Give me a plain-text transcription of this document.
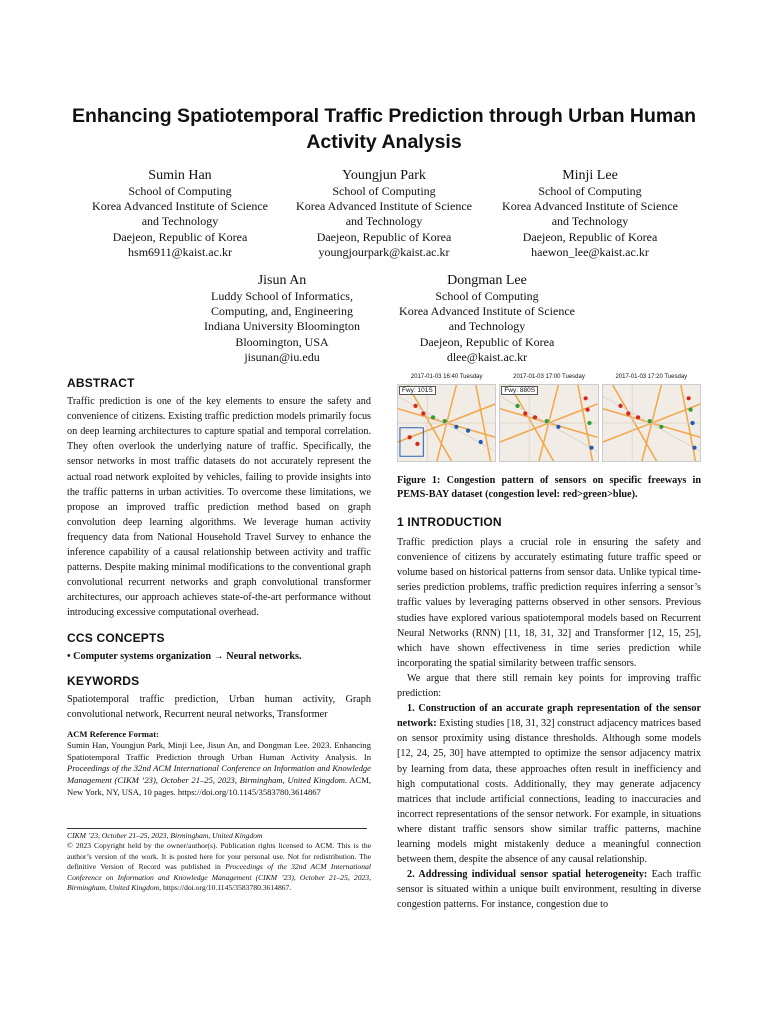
Enhancing Spatiotemporal Traffic Prediction through Urban Human Activity Analysis
Sumin Han
School of Computing
Korea Advanced Institute of Science
and Technology
Daejeon, Republic of Korea
hsm6911@kaist.ac.kr
Youngjun Park
School of Computing
Korea Advanced Institute of Science
and Technology
Daejeon, Republic of Korea
youngjourpark@kaist.ac.kr
Minji Lee
School of Computing
Korea Advanced Institute of Science
and Technology
Daejeon, Republic of Korea
haewon_lee@kaist.ac.kr
Jisun An
Luddy School of Informatics,
Computing, and, Engineering
Indiana University Bloomington
Bloomington, USA
jisunan@iu.edu
Dongman Lee
School of Computing
Korea Advanced Institute of Science
and Technology
Daejeon, Republic of Korea
dlee@kaist.ac.kr
ABSTRACT

Traffic prediction is one of the key elements to ensure the safety and convenience of citizens. Existing traffic prediction models primarily focus on deep learning architectures to capture spatial and temporal correlation. They often overlook the underlying nature of traffic. Specifically, the sensor networks in most traffic datasets do not accurately represent the actual road network exploited by vehicles, failing to provide insights into the traffic patterns in urban activities. To overcome these limitations, we propose an improved traffic prediction method based on graph convolution deep learning algorithms. We leverage human activity frequency data from National Household Travel Survey to enhance the inference capability of a causal relationship between activity and traffic patterns. Despite making minimal modifications to the conventional graph convolutional recurrent networks and graph convolutional transformer architectures, our approach achieves state-of-the-art performance without introducing excessive computational overhead.

CCS CONCEPTS

• Computer systems organization → Neural networks.

KEYWORDS

Spatiotemporal traffic prediction, Urban human activity, Graph convolutional network, Recurrent neural networks, Transformer

ACM Reference Format:

Sumin Han, Youngjun Park, Minji Lee, Jisun An, and Dongman Lee. 2023. Enhancing Spatiotemporal Traffic Prediction through Urban Human Activity Analysis. In Proceedings of the 32nd ACM International Conference on Information and Knowledge Management (CIKM ’23), October 21–25, 2023, Birmingham, United Kingdom. ACM, New York, NY, USA, 10 pages. https://doi.org/10.1145/3583780.3614867

CIKM ’23, October 21–25, 2023, Birmingham, United Kingdom
© 2023 Copyright held by the owner/author(s). Publication rights licensed to ACM. This is the author’s version of the work. It is posted here for your personal use. Not for redistribution. The definitive Version of Record was published in Proceedings of the 32nd ACM International Conference on Information and Knowledge Management (CIKM ’23), October 21–25, 2023, Birmingham, United Kingdom, https://doi.org/10.1145/3583780.3614867.
2017-01-03 16:40 Tuesday
Fwy: 101S
2017-01-03 17:00 Tuesday
Fwy: 880S
2017-01-03 17:20 Tuesday
Figure 1: Congestion pattern of sensors on specific freeways in PEMS-BAY dataset (congestion level: red>green>blue).
1 INTRODUCTION

Traffic prediction plays a crucial role in ensuring the safety and convenience of citizens by accurately estimating future traffic speed or volume based on historical patterns from sensor data. Unlike typical time-series prediction problems, traffic prediction requires inferring a sensor’s traffic values by leveraging patterns observed in other sensors. Previous studies have explored various spatiotemporal models based on Recurrent Neural Networks (RNN) [11, 18, 31, 32] and Transformer [12, 15, 25], which have shown effectiveness in time series prediction while incorporating the spatial similarity between traffic sensors.

We argue that there still remain key points for improving traffic prediction:

1. Construction of an accurate graph representation of the sensor network: Existing studies [18, 31, 32] construct adjacency matrices based on sensor proximity using distance thresholds. Although some models [12, 24, 25, 30] have attempted to optimize the sensor adjacency matrix by learning from data, these approaches often result in inefficiency and high computational costs. Additionally, they may generate adjacency matrices that include artificial connections, leading to inaccuracies and incorrect representations of the sensor network. For example, in situations where distant traffic sensors show similar traffic patterns, machine learning models might mistakenly deduce a meaningful connection between them, despite the absence of any causal relationship.

2. Addressing individual sensor spatial heterogeneity: Each traffic sensor is situated within a unique built environment, resulting in diverse congestion patterns. For instance, congestion due to
